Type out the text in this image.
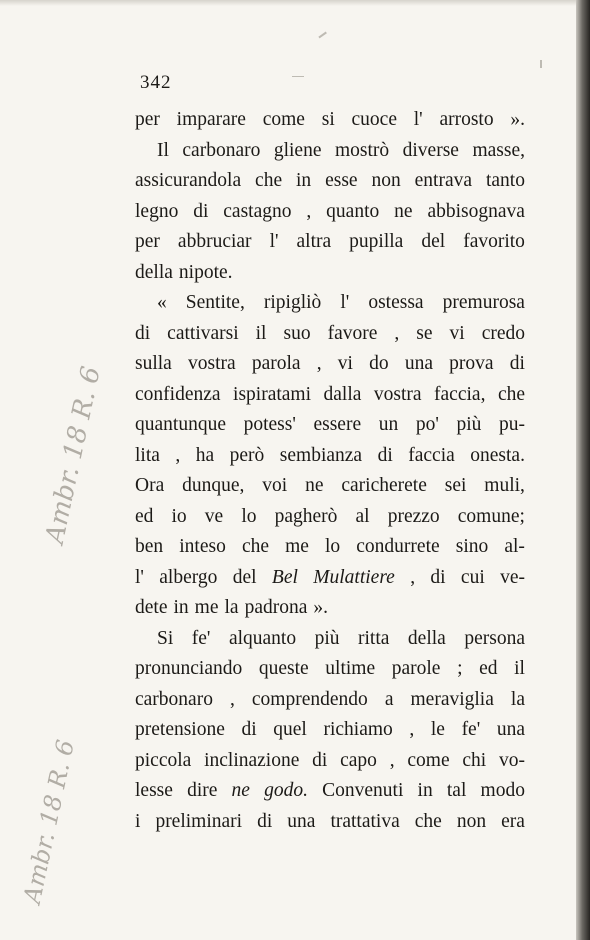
342
per imparare come si cuoce l' arrosto ».
Il carbonaro gliene mostrò diverse masse,
assicurandola che in esse non entrava tanto
legno di castagno , quanto ne abbisognava
per abbruciar l' altra pupilla del favorito
della nipote.
« Sentite, ripigliò l' ostessa premurosa
di cattivarsi il suo favore , se vi credo
sulla vostra parola , vi do una prova di
confidenza ispiratami dalla vostra faccia, che
quantunque potess' essere un po' più pu-
lita , ha però sembianza di faccia onesta.
Ora dunque, voi ne caricherete sei muli,
ed io ve lo pagherò al prezzo comune;
ben inteso che me lo condurrete sino al-
l' albergo del Bel Mulattiere , di cui ve-
dete in me la padrona ».
Si fe' alquanto più ritta della persona
pronunciando queste ultime parole ; ed il
carbonaro , comprendendo a meraviglia la
pretensione di quel richiamo , le fe' una
piccola inclinazione di capo , come chi vo-
lesse dire ne godo. Convenuti in tal modo
i preliminari di una trattativa che non era
Ambr. 18 R. 6
Ambr. 18 R. 6
